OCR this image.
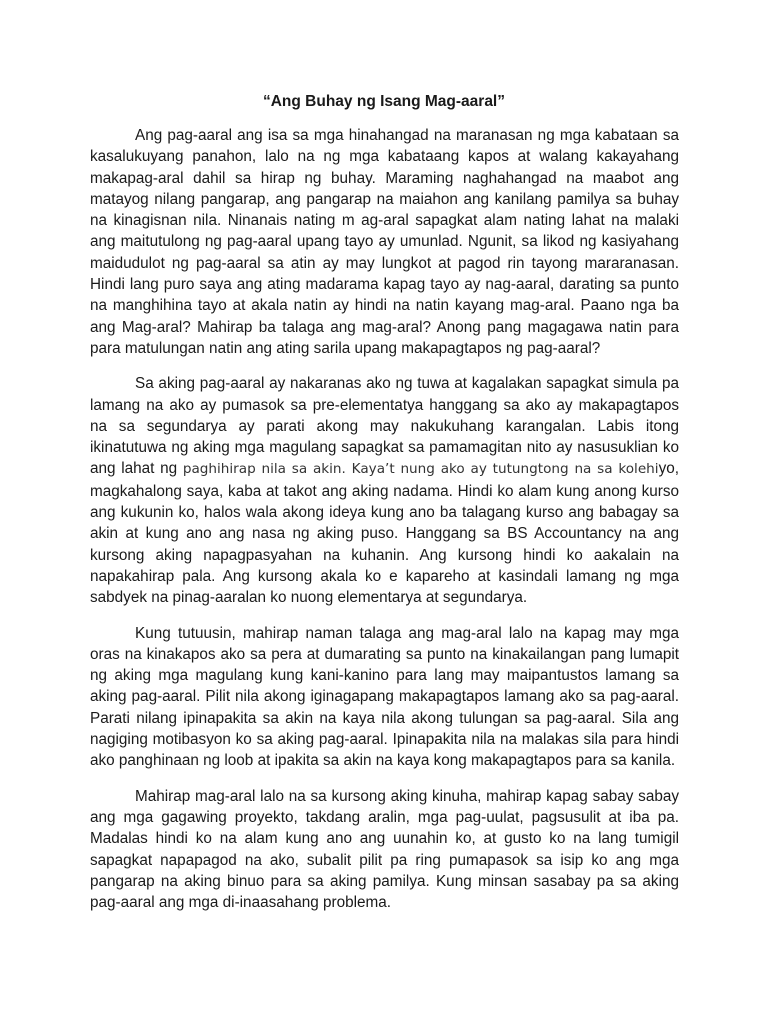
“Ang Buhay ng Isang Mag-aaral”

Ang pag-aaral ang isa sa mga hinahangad na maranasan ng mga kabataan sa kasalukuyang panahon, lalo na ng mga kabataang kapos at walang kakayahang makapag-aral dahil sa hirap ng buhay. Maraming naghahangad na maabot ang matayog nilang pangarap, ang pangarap na maiahon ang kanilang pamilya sa buhay na kinagisnan nila. Ninanais nating m ag-aral sapagkat alam nating lahat na malaki ang maitutulong ng pag-aaral upang tayo ay umunlad. Ngunit, sa likod ng kasiyahang maidudulot ng pag-aaral sa atin ay may lungkot at pagod rin tayong mararanasan. Hindi lang puro saya ang ating madarama kapag tayo ay nag-aaral, darating sa punto na manghihina tayo at akala natin ay hindi na natin kayang mag-aral. Paano nga ba ang Mag-aral? Mahirap ba talaga ang mag-aral? Anong pang magagawa natin para para matulungan natin ang ating sarila upang makapagtapos ng pag-aaral?

Sa aking pag-aaral ay nakaranas ako ng tuwa at kagalakan sapagkat simula pa lamang na ako ay pumasok sa pre-elementatya hanggang sa ako ay makapagtapos na sa segundarya ay parati akong may nakukuhang karangalan. Labis itong ikinatutuwa ng aking mga magulang sapagkat sa pamamagitan nito ay nasusuklian ko ang lahat ng paghihirap nila sa akin. Kaya’t nung ako ay tutungtong na sa kolehiyo, magkahalong saya, kaba at takot ang aking nadama. Hindi ko alam kung anong kurso ang kukunin ko, halos wala akong ideya kung ano ba talagang kurso ang babagay sa akin at kung ano ang nasa ng aking puso. Hanggang sa BS Accountancy na ang kursong aking napagpasyahan na kuhanin. Ang kursong hindi ko aakalain na napakahirap pala. Ang kursong akala ko e kapareho at kasindali lamang ng mga sabdyek na pinag-aaralan ko nuong elementarya at segundarya.

Kung tutuusin, mahirap naman talaga ang mag-aral lalo na kapag may mga oras na kinakapos ako sa pera at dumarating sa punto na kinakailangan pang lumapit ng aking mga magulang kung kani-kanino para lang may maipantustos lamang sa aking pag-aaral. Pilit nila akong iginagapang makapagtapos lamang ako sa pag-aaral. Parati nilang ipinapakita sa akin na kaya nila akong tulungan sa pag-aaral. Sila ang nagiging motibasyon ko sa aking pag-aaral. Ipinapakita nila na malakas sila para hindi ako panghinaan ng loob at ipakita sa akin na kaya kong makapagtapos para sa kanila.

Mahirap mag-aral lalo na sa kursong aking kinuha, mahirap kapag sabay sabay ang mga gagawing proyekto, takdang aralin, mga pag-uulat, pagsusulit at iba pa. Madalas hindi ko na alam kung ano ang uunahin ko, at gusto ko na lang tumigil sapagkat napapagod na ako, subalit pilit pa ring pumapasok sa isip ko ang mga pangarap na aking binuo para sa aking pamilya. Kung minsan sasabay pa sa aking pag-aaral ang mga di-inaasahang problema.
